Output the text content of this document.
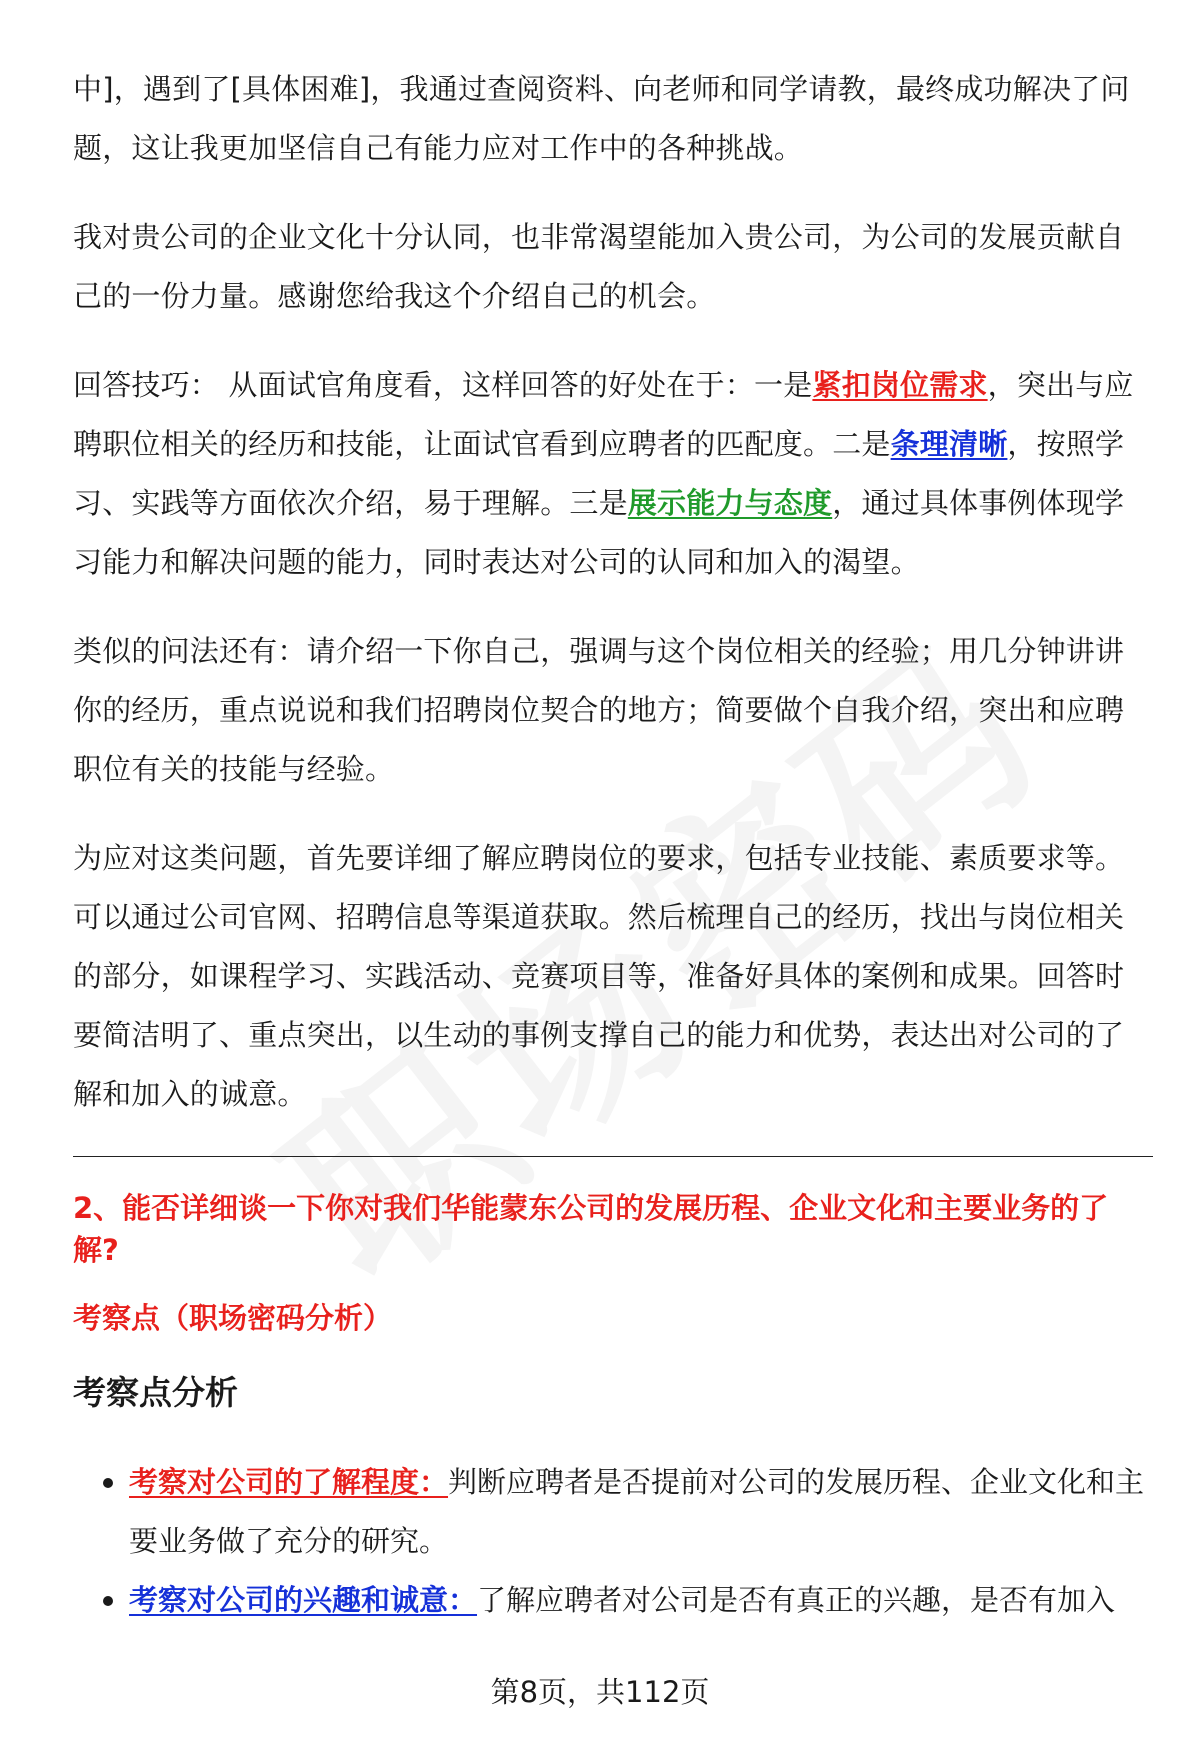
中]，遇到了[具体困难]，我通过查阅资料、向老师和同学请教，最终成功解决了问题，这让我更加坚信自己有能力应对工作中的各种挑战。

我对贵公司的企业文化十分认同，也非常渴望能加入贵公司，为公司的发展贡献自己的一份力量。感谢您给我这个介绍自己的机会。

回答技巧： 从面试官角度看，这样回答的好处在于：一是紧扣岗位需求，突出与应聘职位相关的经历和技能，让面试官看到应聘者的匹配度。二是条理清晰，按照学习、实践等方面依次介绍，易于理解。三是展示能力与态度，通过具体事例体现学习能力和解决问题的能力，同时表达对公司的认同和加入的渴望。

类似的问法还有：请介绍一下你自己，强调与这个岗位相关的经验；用几分钟讲讲你的经历，重点说说和我们招聘岗位契合的地方；简要做个自我介绍，突出和应聘职位有关的技能与经验。

为应对这类问题，首先要详细了解应聘岗位的要求，包括专业技能、素质要求等。可以通过公司官网、招聘信息等渠道获取。然后梳理自己的经历，找出与岗位相关的部分，如课程学习、实践活动、竞赛项目等，准备好具体的案例和成果。回答时要简洁明了、重点突出，以生动的事例支撑自己的能力和优势，表达出对公司的了解和加入的诚意。

2、能否详细谈一下你对我们华能蒙东公司的发展历程、企业文化和主要业务的了解?

考察点（职场密码分析）

考察点分析

考察对公司的了解程度：判断应聘者是否提前对公司的发展历程、企业文化和主要业务做了充分的研究。
考察对公司的兴趣和诚意：了解应聘者对公司是否有真正的兴趣，是否有加入
第8页，共112页
